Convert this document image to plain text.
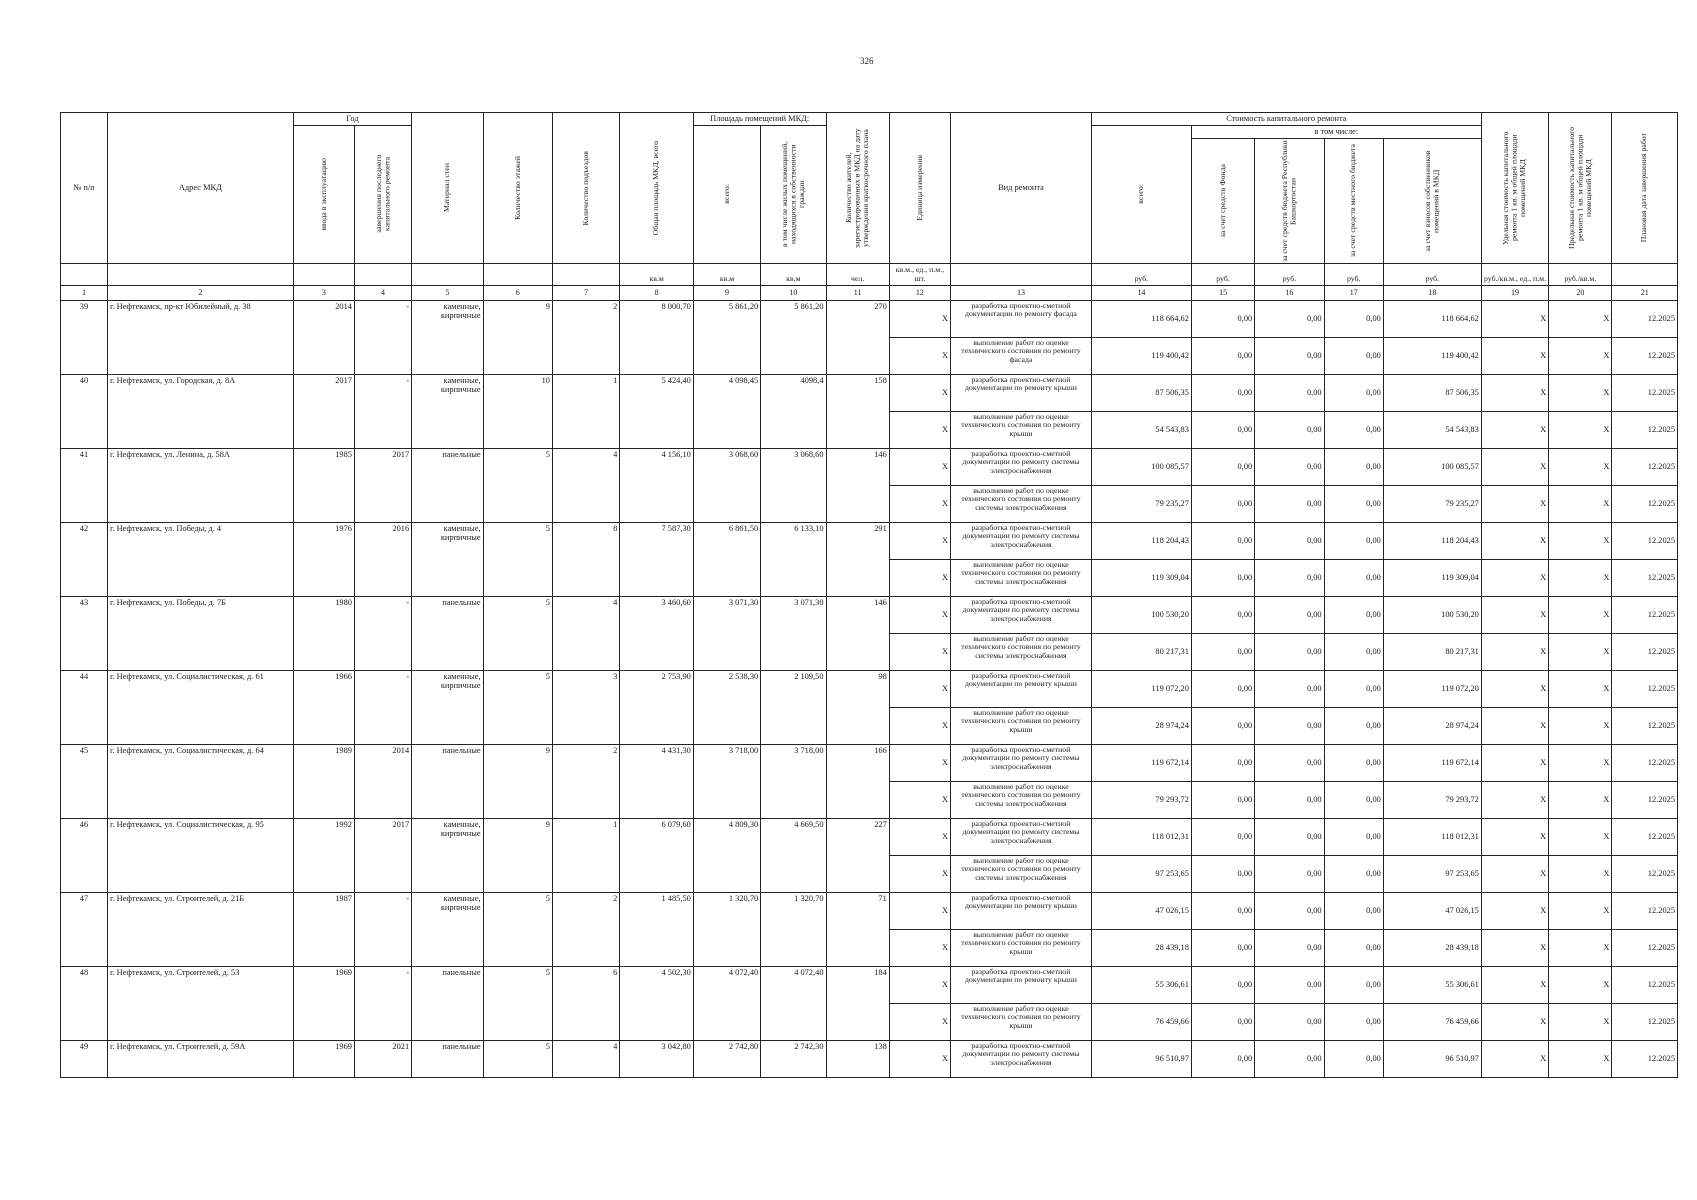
326
№ п/п	Адрес МКД	Год		Материал стен	Количество этажей	Количество подъездов	Общая площадь МКД, всего	Площадь помещений МКД:		Количество жителей, зарегистрированных в МКД на дату утверждения краткосрочного плана	Единица измерения	Вид ремонта	Стоимость капитального ремонта					Удельная стоимость капитального ремонта 1 кв. м общей площади помещений МКД	Предельная стоимость капитального ремонта 1 кв. м общей площади помещений МКД	Плановая дата завершения работ

		ввода в эксплуатацию	завершения последнего капитального ремонта					всего:	в том числе жилых помещений, находящихся в собственности граждан				всего:	в том числе:						

														за счет средств Фонда	за счет средств бюджета Республики Башкортостан	за счет средств местного бюджета	за счет взносов собственников помещений в МКД			

							кв.м	кв.м	кв.м	чел.	кв.м., ед., п.м., шт.		руб.	руб.	руб.	руб.	руб.	руб./кв.м., ед., п.м.	руб./кв.м.	
1	2	3	4	5	6	7	8	9	10	11	12	13	14	15	16	17	18	19	20	21
39	г. Нефтекамск, пр-кт Юбилейный, д. 38	2014	-	каменные, кирпичные	9	2	8 000,70	5 861,20	5 861,20	270	X	разработка проектно-сметной документации по ремонту фасада	118 664,62	0,00	0,00	0,00	118 664,62	X	X	12.2025
											X	выполнение работ по оценке технического состояния по ремонту фасада	119 400,42	0,00	0,00	0,00	119 400,42	X	X	12.2025
40	г. Нефтекамск, ул. Городская, д. 8А	2017	-	каменные, кирпичные	10	1	5 424,40	4 098,45	4098,4	158	X	разработка проектно-сметной документации по ремонту крыши	87 506,35	0,00	0,00	0,00	87 506,35	X	X	12.2025
											X	выполнение работ по оценке технического состояния по ремонту крыши	54 543,83	0,00	0,00	0,00	54 543,83	X	X	12.2025
41	г. Нефтекамск, ул. Ленина, д. 58А	1985	2017	панельные	5	4	4 156,10	3 068,60	3 068,60	146	X	разработка проектно-сметной документации по ремонту системы электроснабжения	100 085,57	0,00	0,00	0,00	100 085,57	X	X	12.2025
											X	выполнение работ по оценке технического состояния по ремонту системы электроснабжения	79 235,27	0,00	0,00	0,00	79 235,27	X	X	12.2025
42	г. Нефтекамск, ул. Победы, д. 4	1976	2016	каменные, кирпичные	5	8	7 587,30	6 861,50	6 133,10	291	X	разработка проектно-сметной документации по ремонту системы электроснабжения	118 204,43	0,00	0,00	0,00	118 204,43	X	X	12.2025
											X	выполнение работ по оценке технического состояния по ремонту системы электроснабжения	119 309,04	0,00	0,00	0,00	119 309,04	X	X	12.2025
43	г. Нефтекамск, ул. Победы, д. 7Б	1980	-	панельные	5	4	3 460,60	3 071,30	3 071,30	146	X	разработка проектно-сметной документации по ремонту системы электроснабжения	100 530,20	0,00	0,00	0,00	100 530,20	X	X	12.2025
											X	выполнение работ по оценке технического состояния по ремонту системы электроснабжения	80 217,31	0,00	0,00	0,00	80 217,31	X	X	12.2025
44	г. Нефтекамск, ул. Социалистическая, д. 61	1966	-	каменные, кирпичные	5	3	2 753,90	2 538,30	2 109,50	98	X	разработка проектно-сметной документации по ремонту крыши	119 072,20	0,00	0,00	0,00	119 072,20	X	X	12.2025
											X	выполнение работ по оценке технического состояния по ремонту крыши	28 974,24	0,00	0,00	0,00	28 974,24	X	X	12.2025
45	г. Нефтекамск, ул. Социалистическая, д. 64	1989	2014	панельные	9	2	4 431,30	3 718,00	3 718,00	166	X	разработка проектно-сметной документации по ремонту системы электроснабжения	119 672,14	0,00	0,00	0,00	119 672,14	X	X	12.2025
											X	выполнение работ по оценке технического состояния по ремонту системы электроснабжения	79 293,72	0,00	0,00	0,00	79 293,72	X	X	12.2025
46	г. Нефтекамск, ул. Социалистическая, д. 95	1992	2017	каменные, кирпичные	9	1	6 079,60	4 809,30	4 669,50	227	X	разработка проектно-сметной документации по ремонту системы электроснабжения	118 012,31	0,00	0,00	0,00	118 012,31	X	X	12.2025
											X	выполнение работ по оценке технического состояния по ремонту системы электроснабжения	97 253,65	0,00	0,00	0,00	97 253,65	X	X	12.2025
47	г. Нефтекамск, ул. Строителей, д. 21Б	1987	-	каменные, кирпичные	5	2	1 485,50	1 320,70	1 320,70	71	X	разработка проектно-сметной документации по ремонту крыши	47 026,15	0,00	0,00	0,00	47 026,15	X	X	12.2025
											X	выполнение работ по оценке технического состояния по ремонту крыши	28 439,18	0,00	0,00	0,00	28 439,18	X	X	12.2025
48	г. Нефтекамск, ул. Строителей, д. 53	1969	-	панельные	5	6	4 502,30	4 072,40	4 072,40	184	X	разработка проектно-сметной документации по ремонту крыши	55 306,61	0,00	0,00	0,00	55 306,61	X	X	12.2025
											X	выполнение работ по оценке технического состояния по ремонту крыши	76 459,66	0,00	0,00	0,00	76 459,66	X	X	12.2025
49	г. Нефтекамск, ул. Строителей, д. 59А	1969	2021	панельные	5	4	3 042,80	2 742,80	2 742,30	138	X	разработка проектно-сметной документации по ремонту системы электроснабжения	96 510,97	0,00	0,00	0,00	96 510,97	X	X	12.2025
